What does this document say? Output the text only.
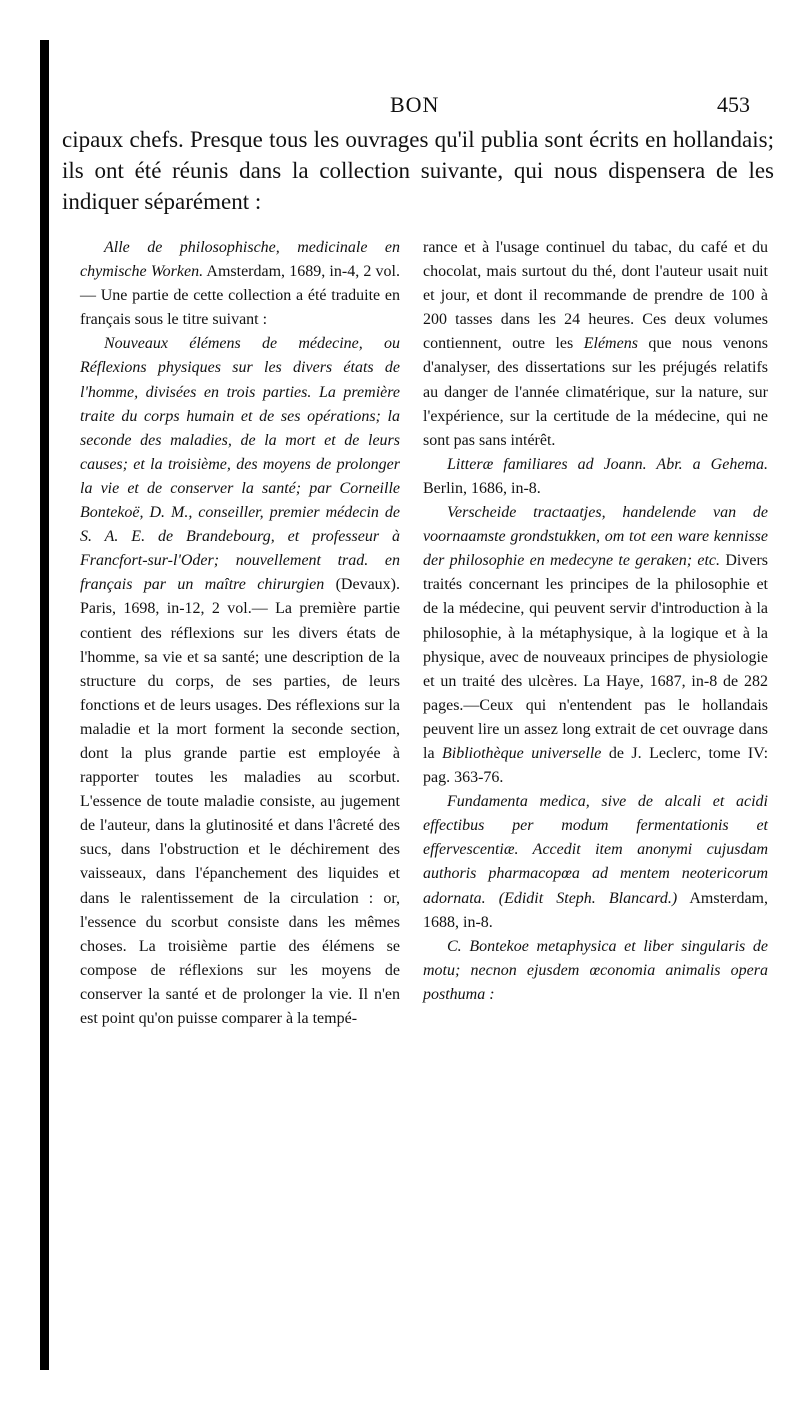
BON	453

cipaux chefs. Presque tous les ouvrages qu'il publia sont écrits en hollandais; ils ont été réunis dans la collection suivante, qui nous dispensera de les indiquer séparément :

Alle de philosophische, medicinale en chymische Worken. Amsterdam, 1689, in-4, 2 vol. — Une partie de cette collection a été traduite en français sous le titre suivant :

Nouveaux élémens de médecine, ou Réflexions physiques sur les divers états de l'homme, divisées en trois parties. La première traite du corps humain et de ses opérations; la seconde des maladies, de la mort et de leurs causes; et la troisième, des moyens de prolonger la vie et de conserver la santé; par Corneille Bontekoë, D. M., conseiller, premier médecin de S. A. E. de Brandebourg, et professeur à Francfort-sur-l'Oder; nouvellement trad. en français par un maître chirurgien (Devaux). Paris, 1698, in-12, 2 vol.— La première partie contient des réflexions sur les divers états de l'homme, sa vie et sa santé; une description de la structure du corps, de ses parties, de leurs fonctions et de leurs usages. Des réflexions sur la maladie et la mort forment la seconde section, dont la plus grande partie est employée à rapporter toutes les maladies au scorbut. L'essence de toute maladie consiste, au jugement de l'auteur, dans la glutinosité et dans l'âcreté des sucs, dans l'obstruction et le déchirement des vaisseaux, dans l'épanchement des liquides et dans le ralentissement de la circulation : or, l'essence du scorbut consiste dans les mêmes choses. La troisième partie des élémens se compose de réflexions sur les moyens de conserver la santé et de prolonger la vie. Il n'en est point qu'on puisse comparer à la tempé-

rance et à l'usage continuel du tabac, du café et du chocolat, mais surtout du thé, dont l'auteur usait nuit et jour, et dont il recommande de prendre de 100 à 200 tasses dans les 24 heures. Ces deux volumes contiennent, outre les Elémens que nous venons d'analyser, des dissertations sur les préjugés relatifs au danger de l'année climatérique, sur la nature, sur l'expérience, sur la certitude de la médecine, qui ne sont pas sans intérêt.

Litteræ familiares ad Joann. Abr. a Gehema. Berlin, 1686, in-8.

Verscheide tractaatjes, handelende van de voornaamste grondstukken, om tot een ware kennisse der philosophie en medecyne te geraken; etc. Divers traités concernant les principes de la philosophie et de la médecine, qui peuvent servir d'introduction à la philosophie, à la métaphysique, à la logique et à la physique, avec de nouveaux principes de physiologie et un traité des ulcères. La Haye, 1687, in-8 de 282 pages.—Ceux qui n'entendent pas le hollandais peuvent lire un assez long extrait de cet ouvrage dans la Bibliothèque universelle de J. Leclerc, tome IV: pag. 363-76.

Fundamenta medica, sive de alcali et acidi effectibus per modum fermentationis et effervescentiæ. Accedit item anonymi cujusdam authoris pharmacopœa ad mentem neotericorum adornata. (Edidit Steph. Blancard.) Amsterdam, 1688, in-8.

C. Bontekoe metaphysica et liber singularis de motu; necnon ejusdem œconomia animalis opera posthuma :
